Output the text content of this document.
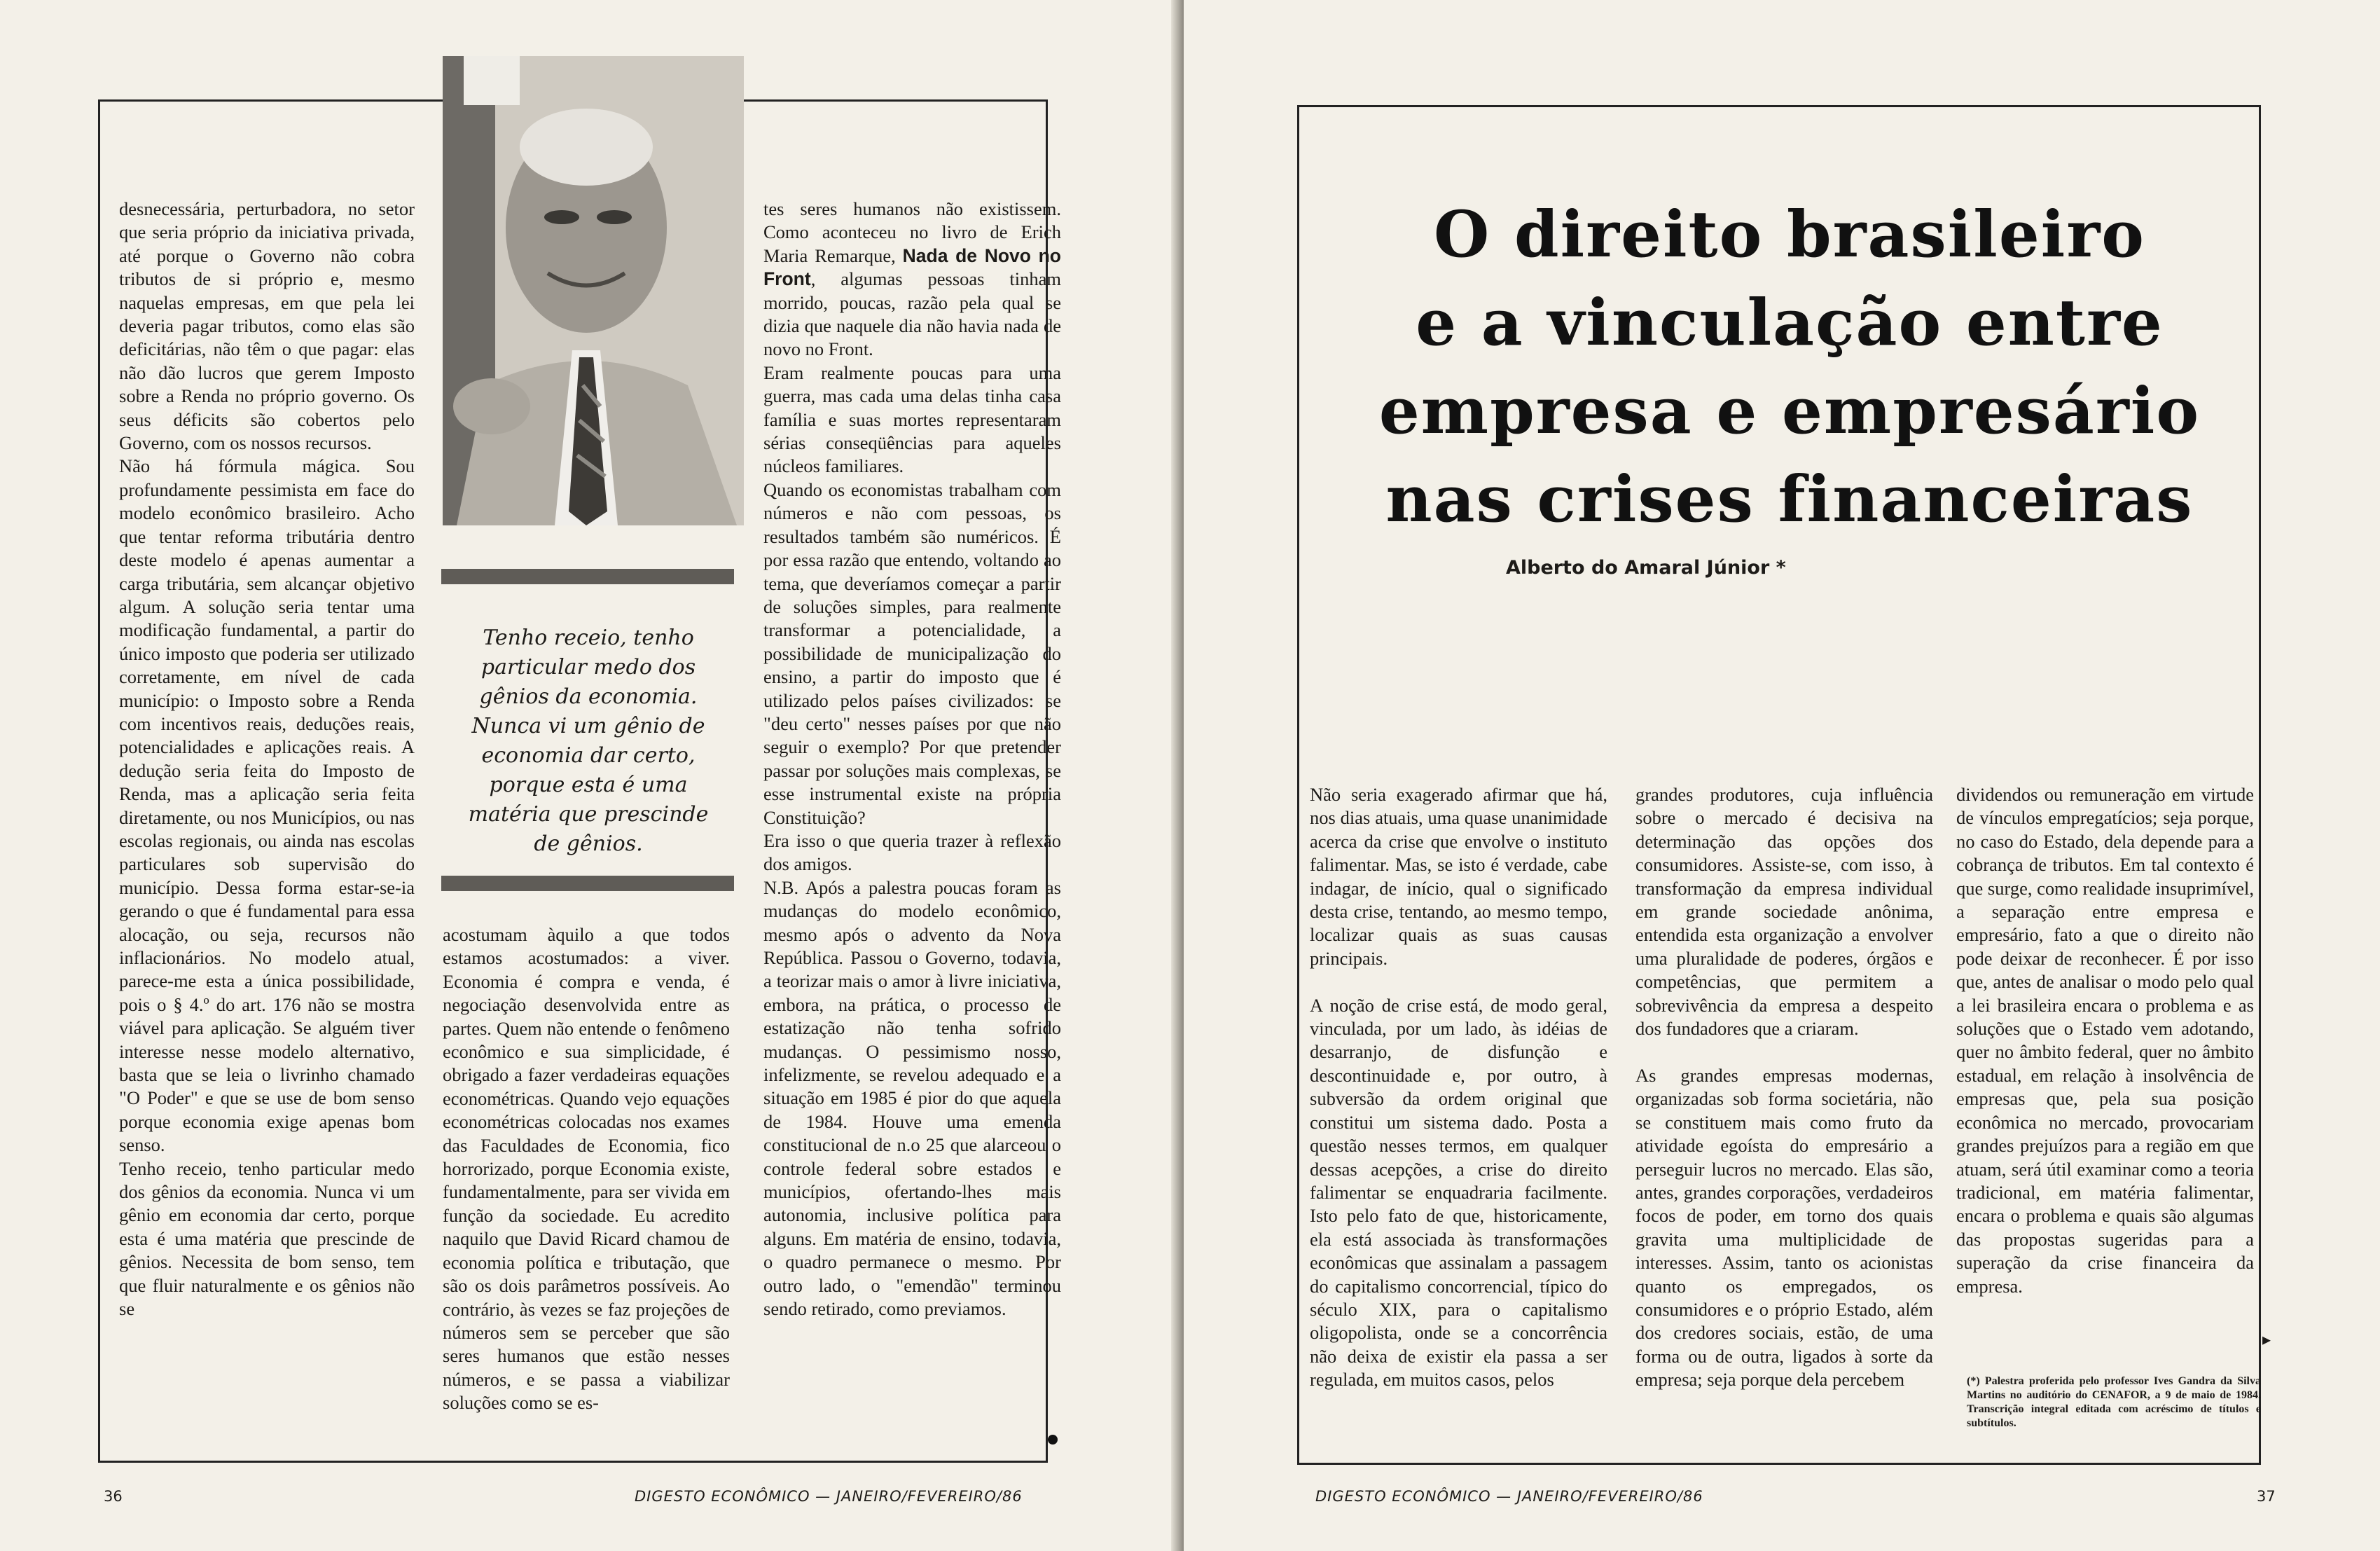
desnecessária, perturbadora, no setor que seria próprio da iniciativa privada, até porque o Governo não cobra tributos de si próprio e, mesmo naquelas empresas, em que pela lei deveria pagar tributos, como elas são deficitárias, não têm o que pagar: elas não dão lucros que gerem Imposto sobre a Renda no próprio governo. Os seus déficits são cobertos pelo Governo, com os nossos recursos.
Não há fórmula mágica. Sou profundamente pessimista em face do modelo econômico brasileiro. Acho que tentar reforma tributária dentro deste modelo é apenas aumentar a carga tributária, sem alcançar objetivo algum. A solução seria tentar uma modificação fundamental, a partir do único imposto que poderia ser utilizado corretamente, em nível de cada município: o Imposto sobre a Renda com incentivos reais, deduções reais, potencialidades e aplicações reais. A dedução seria feita do Imposto de Renda, mas a aplicação seria feita diretamente, ou nos Municípios, ou nas escolas regionais, ou ainda nas escolas particulares sob supervisão do município. Dessa forma estar-se-ia gerando o que é fundamental para essa alocação, ou seja, recursos não inflacionários. No modelo atual, parece-me esta a única possibilidade, pois o § 4.º do art. 176 não se mostra viável para aplicação. Se alguém tiver interesse nesse modelo alternativo, basta que se leia o livrinho chamado "O Poder" e que se use de bom senso porque economia exige apenas bom senso.
Tenho receio, tenho particular medo dos gênios da economia. Nunca vi um gênio em economia dar certo, porque esta é uma matéria que prescinde de gênios. Necessita de bom senso, tem que fluir naturalmente e os gênios não se
Tenho receio, tenho
particular medo dos
gênios da economia.
Nunca vi um gênio de
economia dar certo,
porque esta é uma
matéria que prescinde
de gênios.
acostumam àquilo a que todos estamos acostumados: a viver. Economia é compra e venda, é negociação desenvolvida entre as partes. Quem não entende o fenômeno econômico e sua simplicidade, é obrigado a fazer verdadeiras equações econométricas. Quando vejo equações econométricas colocadas nos exames das Faculdades de Economia, fico horrorizado, porque Economia existe, fundamentalmente, para ser vivida em função da sociedade. Eu acredito naquilo que David Ricard chamou de economia política e tributação, que são os dois parâmetros possíveis. Ao contrário, às vezes se faz projeções de números sem se perceber que são seres humanos que estão nesses números, e se passa a viabilizar soluções como se es-
tes seres humanos não existissem. Como aconteceu no livro de Erich Maria Remarque, Nada de Novo no Front, algumas pessoas tinham morrido, poucas, razão pela qual se dizia que naquele dia não havia nada de novo no Front.
Eram realmente poucas para uma guerra, mas cada uma delas tinha casa família e suas mortes representaram sérias conseqüências para aqueles núcleos familiares.
Quando os economistas trabalham com números e não com pessoas, os resultados também são numéricos. É por essa razão que entendo, voltando ao tema, que deveríamos começar a partir de soluções simples, para realmente transformar a potencialidade, a possibilidade de municipalização do ensino, a partir do imposto que é utilizado pelos países civilizados: se "deu certo" nesses países por que não seguir o exemplo? Por que pretender passar por soluções mais complexas, se esse instrumental existe na própria Constituição?
Era isso o que queria trazer à reflexão dos amigos.
N.B. Após a palestra poucas foram as mudanças do modelo econômico, mesmo após o advento da Nova República. Passou o Governo, todavia, a teorizar mais o amor à livre iniciativa, embora, na prática, o processo de estatização não tenha sofrido mudanças. O pessimismo nosso, infelizmente, se revelou adequado e a situação em 1985 é pior do que aquela de 1984. Houve uma emenda constitucional de n.o 25 que alarceou o controle federal sobre estados e municípios, ofertando-lhes mais autonomia, inclusive política para alguns. Em matéria de ensino, todavia, o quadro permanece o mesmo. Por outro lado, o "emendão" terminou sendo retirado, como previamos.
36	DIGESTO ECONÔMICO — JANEIRO/FEVEREIRO/86
O direito brasileiro
e a vinculação entre
empresa e empresário
nas crises financeiras
Alberto do Amaral Júnior *
Não seria exagerado afirmar que há, nos dias atuais, uma quase unanimidade acerca da crise que envolve o instituto falimentar. Mas, se isto é verdade, cabe indagar, de início, qual o significado desta crise, tentando, ao mesmo tempo, localizar quais as suas causas principais.

A noção de crise está, de modo geral, vinculada, por um lado, às idéias de desarranjo, de disfunção e descontinuidade e, por outro, à subversão da ordem original que constitui um sistema dado. Posta a questão nesses termos, em qualquer dessas acepções, a crise do direito falimentar se enquadraria facilmente. Isto pelo fato de que, historicamente, ela está associada às transformações econômicas que assinalam a passagem do capitalismo concorrencial, típico do século XIX, para o capitalismo oligopolista, onde se a concorrência não deixa de existir ela passa a ser regulada, em muitos casos, pelos
grandes produtores, cuja influência sobre o mercado é decisiva na determinação das opções dos consumidores. Assiste-se, com isso, à transformação da empresa individual em grande sociedade anônima, entendida esta organização a envolver uma pluralidade de poderes, órgãos e competências, que permitem a sobrevivência da empresa a despeito dos fundadores que a criaram.

As grandes empresas modernas, organizadas sob forma societária, não se constituem mais como fruto da atividade egoísta do empresário a perseguir lucros no mercado. Elas são, antes, grandes corporações, verdadeiros focos de poder, em torno dos quais gravita uma multiplicidade de interesses. Assim, tanto os acionistas quanto os empregados, os consumidores e o próprio Estado, além dos credores sociais, estão, de uma forma ou de outra, ligados à sorte da empresa; seja porque dela percebem
dividendos ou remuneração em virtude de vínculos empregatícios; seja porque, no caso do Estado, dela depende para a cobrança de tributos. Em tal contexto é que surge, como realidade insuprimível, a separação entre empresa e empresário, fato a que o direito não pode deixar de reconhecer. É por isso que, antes de analisar o modo pelo qual a lei brasileira encara o problema e as soluções que o Estado vem adotando, quer no âmbito federal, quer no âmbito estadual, em relação à insolvência de empresas que, pela sua posição econômica no mercado, provocariam grandes prejuízos para a região em que atuam, será útil examinar como a teoria tradicional, em matéria falimentar, encara o problema e quais são algumas das propostas sugeridas para a superação da crise financeira da empresa.
▸
(*) Palestra proferida pelo professor Ives Gandra da Silva Martins no auditório do CENAFOR, a 9 de maio de 1984. Transcrição integral editada com acréscimo de títulos e subtítulos.
DIGESTO ECONÔMICO — JANEIRO/FEVEREIRO/86	37
